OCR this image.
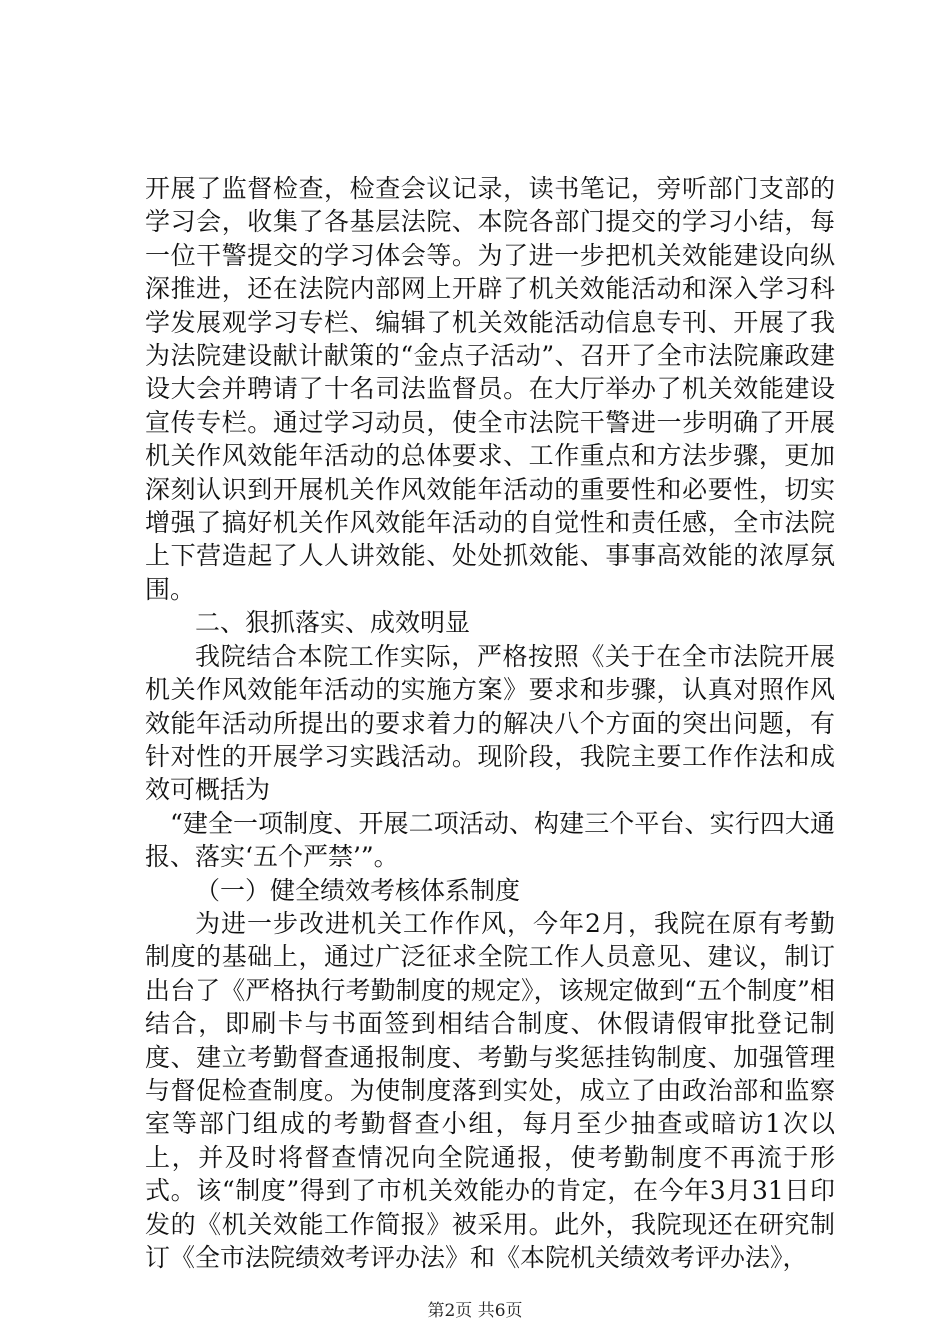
开展了监督检查，检查会议记录，读书笔记，旁听部门支部的学习会，收集了各基层法院、本院各部门提交的学习小结，每一位干警提交的学习体会等。为了进一步把机关效能建设向纵深推进，还在法院内部网上开辟了机关效能活动和深入学习科学发展观学习专栏、编辑了机关效能活动信息专刊、开展了我为法院建设献计献策的“金点子活动”、召开了全市法院廉政建设大会并聘请了十名司法监督员。在大厅举办了机关效能建设宣传专栏。通过学习动员，使全市法院干警进一步明确了开展机关作风效能年活动的总体要求、工作重点和方法步骤，更加深刻认识到开展机关作风效能年活动的重要性和必要性，切实增强了搞好机关作风效能年活动的自觉性和责任感，全市法院上下营造起了人人讲效能、处处抓效能、事事高效能的浓厚氛围。

二、狠抓落实、成效明显

我院结合本院工作实际，严格按照《关于在全市法院开展机关作风效能年活动的实施方案》要求和步骤，认真对照作风效能年活动所提出的要求着力的解决八个方面的突出问题，有针对性的开展学习实践活动。现阶段，我院主要工作作法和成效可概括为

“建全一项制度、开展二项活动、构建三个平台、实行四大通报、落实‘五个严禁’”。

（一）健全绩效考核体系制度

为进一步改进机关工作作风，今年2月，我院在原有考勤制度的基础上，通过广泛征求全院工作人员意见、建议，制订出台了《严格执行考勤制度的规定》，该规定做到“五个制度”相结合，即刷卡与书面签到相结合制度、休假请假审批登记制度、建立考勤督查通报制度、考勤与奖惩挂钩制度、加强管理与督促检查制度。为使制度落到实处，成立了由政治部和监察室等部门组成的考勤督查小组，每月至少抽查或暗访1次以上，并及时将督查情况向全院通报，使考勤制度不再流于形式。该“制度”得到了市机关效能办的肯定，在今年3月31日印发的《机关效能工作简报》被采用。此外，我院现还在研究制订《全市法院绩效考评办法》和《本院机关绩效考评办法》，

第2页 共6页
